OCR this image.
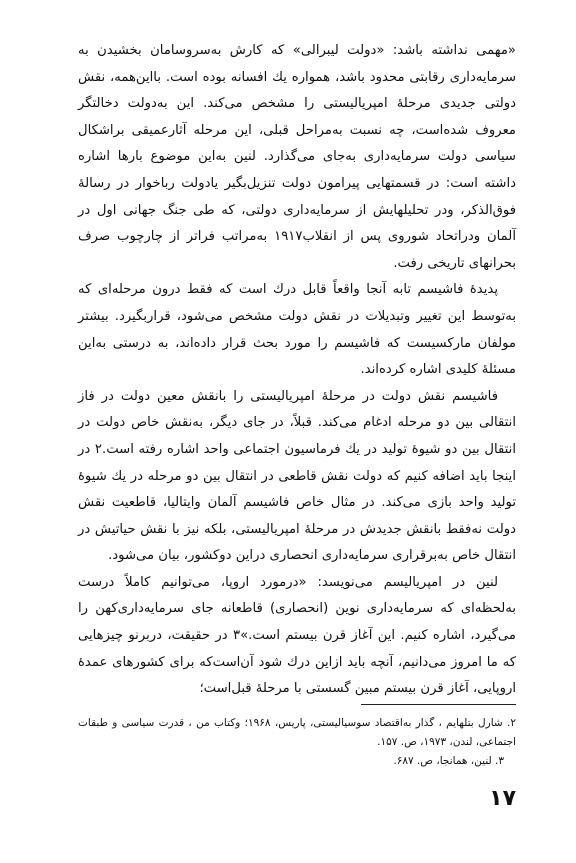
«مهمی نداشته باشد: «دولت لیبرالی» که کارش بەسروسامان بخشیدن به سرمایەداری رقابتی محدود باشد، همواره یك افسانه بوده است. بااین‌همه، نقش دولتی جدیدی مرحلهٔ امپریالیستی را مشخص می‌کند. این بەدولت دخالتگر معروف شده‌است، چه نسبت بەمراحل قبلی، این مرحله آثارعمیقی براشکال سیاسی دولت سرمایەداری بەجای می‌گذارد. لنین بەاین موضوع بارها اشاره داشته است: در قسمتهایی پیرامون دولت تنزیل‌بگیر یادولت رباخوار در رسالهٔ فوق‌الذکر، ودر تحلیلهایش از سرمایەداری دولتی، که طی جنگ جهانی اول در آلمان ودراتحاد شوروی پس از انقلاب۱۹۱۷ بەمراتب فراتر از چارچوب صرف بحرانهای تاریخی رفت.

پدیدهٔ فاشیسم تابه آنجا واقعاً قابل درك است که فقط درون مرحله‌ای که بەتوسط این تغییر وتبدیلات در نقش دولت مشخص می‌شود، قراربگیرد. بیشتر مولفان مارکسیست که فاشیسم را مورد بحث قرار داده‌اند، به درستی بەاین مسئلهٔ کلیدی اشاره کرده‌اند.

فاشیسم نقش دولت در مرحلهٔ امپریالیستی را بانقش معین دولت در فاز انتقالی بین دو مرحله ادغام می‌کند. قبلاً، در جای دیگر، بەنقش خاص دولت در انتقال بین دو شیوهٔ تولید در یك فرماسیون اجتماعی واحد اشاره رفته است.۲ در اینجا باید اضافه کنیم که دولت نقش قاطعی در انتقال بین دو مرحله در یك شیوهٔ تولید واحد بازی می‌کند. در مثال خاص فاشیسم آلمان وایتالیا، قاطعیت نقش دولت نەفقط بانقش جدیدش در مرحلهٔ امپریالیستی، بلکه نیز با نقش حیاتیش در انتقال خاص بەبرقراری سرمایه‌داری انحصاری دراین دوکشور، بیان می‌شود.

لنین در امپریالیسم می‌نویسد: «درمورد اروپا، می‌توانیم کاملاً درست بەلحظه‌ای که سرمایەداری نوین (انحصاری) قاطعانه جای سرمایەداری‌کهن را می‌گیرد، اشاره کنیم. این آغاز قرن بیستم است.»۳ در حقیقت، دربرنو چیزهایی که ما امروز می‌دانیم، آنچه باید ازاین درك شود آن‌است‌که برای کشورهای عمدهٔ اروپایی، آغاز قرن بیستم مبین گسستی با مرحلهٔ قبل‌است؛

۲. شارل بتلهایم ، گذار بەاقتصاد سوسیالیستی، پاریس، ۱۹۶۸؛ وکتاب من ، قدرت سیاسی و طبقات اجتماعی، لندن، ۱۹۷۳، ص. ۱۵۷.

۳. لنین، همانجا، ص. ۶۸۷.

۱۷
